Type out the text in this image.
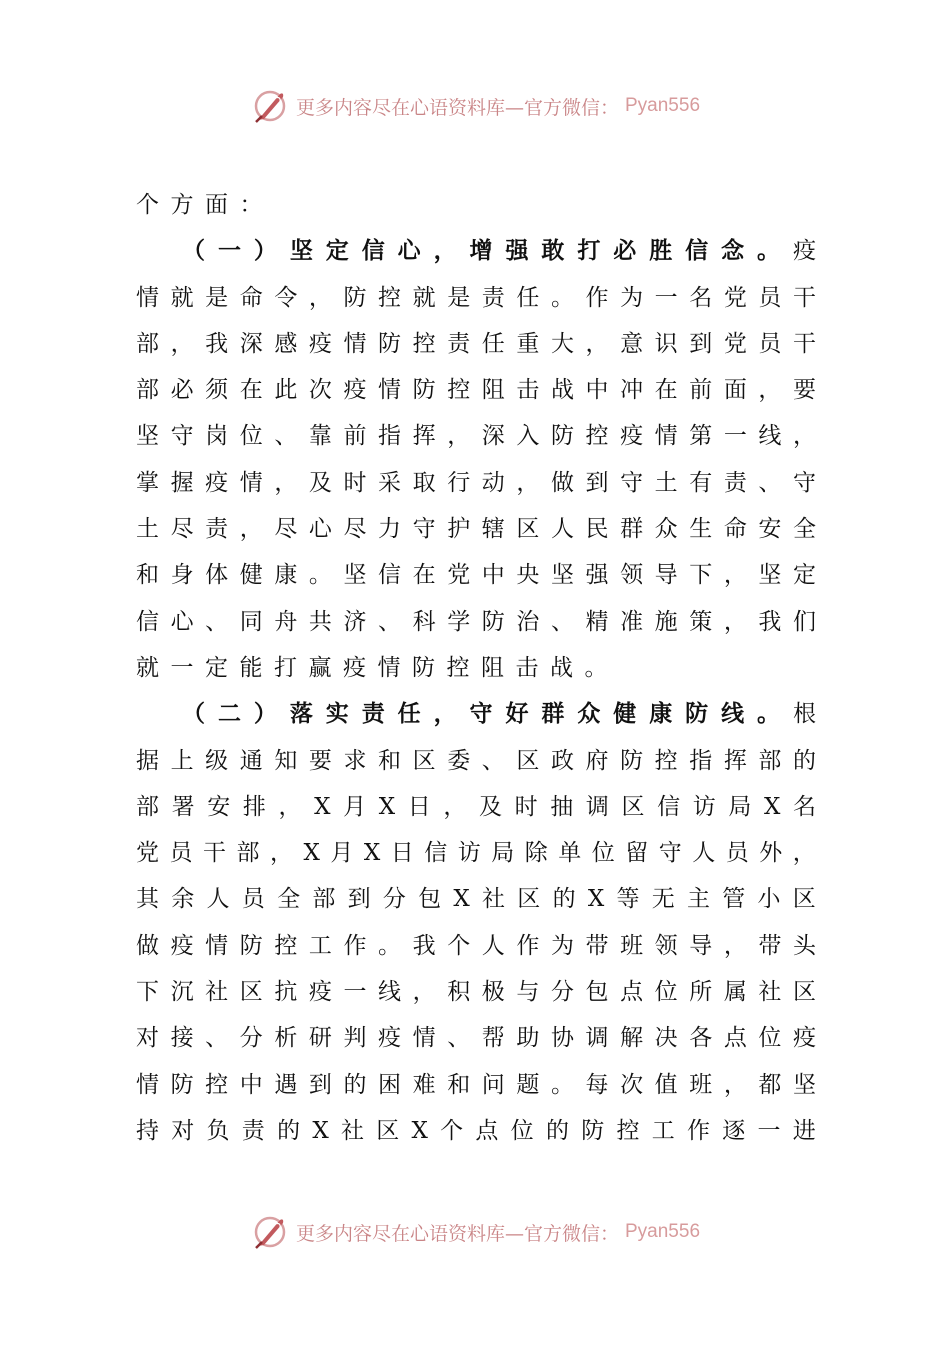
更多内容尽在心语资料库—官方微信： Pyan556
个方面：
（ 一 ） 坚 定 信 心 ， 增 强 敢 打 必 胜 信 念 。 疫
情 就 是 命 令 ， 防 控 就 是 责 任 。 作 为 一 名 党 员 干
部 ， 我 深 感 疫 情 防 控 责 任 重 大 ， 意 识 到 党 员 干
部 必 须 在 此 次 疫 情 防 控 阻 击 战 中 冲 在 前 面 ， 要
坚 守 岗 位 、 靠 前 指 挥 ， 深 入 防 控 疫 情 第 一 线 ，
掌 握 疫 情 ， 及 时 采 取 行 动 ， 做 到 守 土 有 责 、 守
土 尽 责 ， 尽 心 尽 力 守 护 辖 区 人 民 群 众 生 命 安 全
和 身 体 健 康 。 坚 信 在 党 中 央 坚 强 领 导 下 ， 坚 定
信 心 、 同 舟 共 济 、 科 学 防 治 、 精 准 施 策 ， 我 们
就一定能打赢疫情防控阻击战。
（ 二 ） 落 实 责 任 ， 守 好 群 众 健 康 防 线 。 根
据 上 级 通 知 要 求 和 区 委 、 区 政 府 防 控 指 挥 部 的
部 署 安 排 ， X 月 X 日 ， 及 时 抽 调 区 信 访 局 X 名
党 员 干 部 ， X 月 X 日 信 访 局 除 单 位 留 守 人 员 外 ，
其 余 人 员 全 部 到 分 包 X 社 区 的 X 等 无 主 管 小 区
做 疫 情 防 控 工 作 。 我 个 人 作 为 带 班 领 导 ， 带 头
下 沉 社 区 抗 疫 一 线 ， 积 极 与 分 包 点 位 所 属 社 区
对 接 、 分 析 研 判 疫 情 、 帮 助 协 调 解 决 各 点 位 疫
情 防 控 中 遇 到 的 困 难 和 问 题 。 每 次 值 班 ， 都 坚
持 对 负 责 的 X 社 区 X 个 点 位 的 防 控 工 作 逐 一 进
更多内容尽在心语资料库—官方微信： Pyan556
